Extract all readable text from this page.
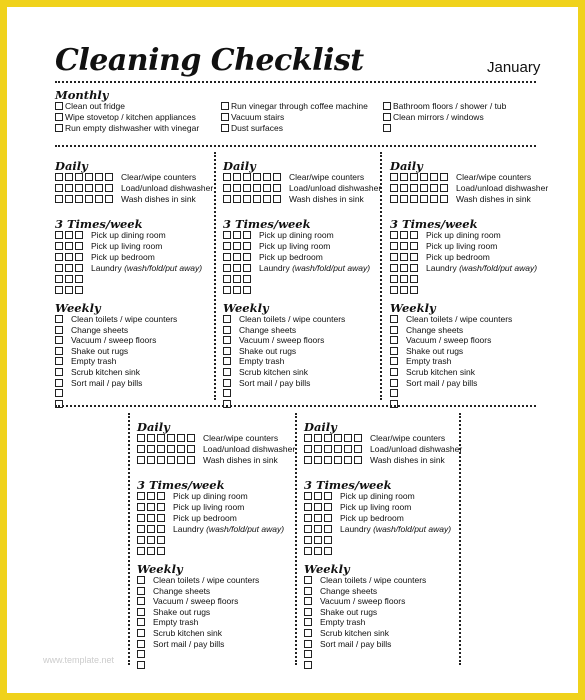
Cleaning Checklist	January
Monthly
Clean out fridge
Wipe stovetop / kitchen appliances
Run empty dishwasher with vinegar
Run vinegar through coffee machine
Vacuum stairs
Dust surfaces
Bathroom floors / shower / tub
Clean mirrors / windows
Daily
Clear/wipe counters
Load/unload dishwasher
Wash dishes in sink
3 Times/week
Pick up dining room
Pick up living room
Pick up bedroom
Laundry (wash/fold/put away)
Weekly
Clean toilets / wipe counters
Change sheets
Vacuum / sweep floors
Shake out rugs
Empty trash
Scrub kitchen sink
Sort mail / pay bills
Daily
Clear/wipe counters
Load/unload dishwasher
Wash dishes in sink
3 Times/week
Pick up dining room
Pick up living room
Pick up bedroom
Laundry (wash/fold/put away)
Weekly
Clean toilets / wipe counters
Change sheets
Vacuum / sweep floors
Shake out rugs
Empty trash
Scrub kitchen sink
Sort mail / pay bills
Daily
Clear/wipe counters
Load/unload dishwasher
Wash dishes in sink
3 Times/week
Pick up dining room
Pick up living room
Pick up bedroom
Laundry (wash/fold/put away)
Weekly
Clean toilets / wipe counters
Change sheets
Vacuum / sweep floors
Shake out rugs
Empty trash
Scrub kitchen sink
Sort mail / pay bills
Daily
Clear/wipe counters
Load/unload dishwasher
Wash dishes in sink
3 Times/week
Pick up dining room
Pick up living room
Pick up bedroom
Laundry (wash/fold/put away)
Weekly
Clean toilets / wipe counters
Change sheets
Vacuum / sweep floors
Shake out rugs
Empty trash
Scrub kitchen sink
Sort mail / pay bills
Daily
Clear/wipe counters
Load/unload dishwasher
Wash dishes in sink
3 Times/week
Pick up dining room
Pick up living room
Pick up bedroom
Laundry (wash/fold/put away)
Weekly
Clean toilets / wipe counters
Change sheets
Vacuum / sweep floors
Shake out rugs
Empty trash
Scrub kitchen sink
Sort mail / pay bills
www.template.net
